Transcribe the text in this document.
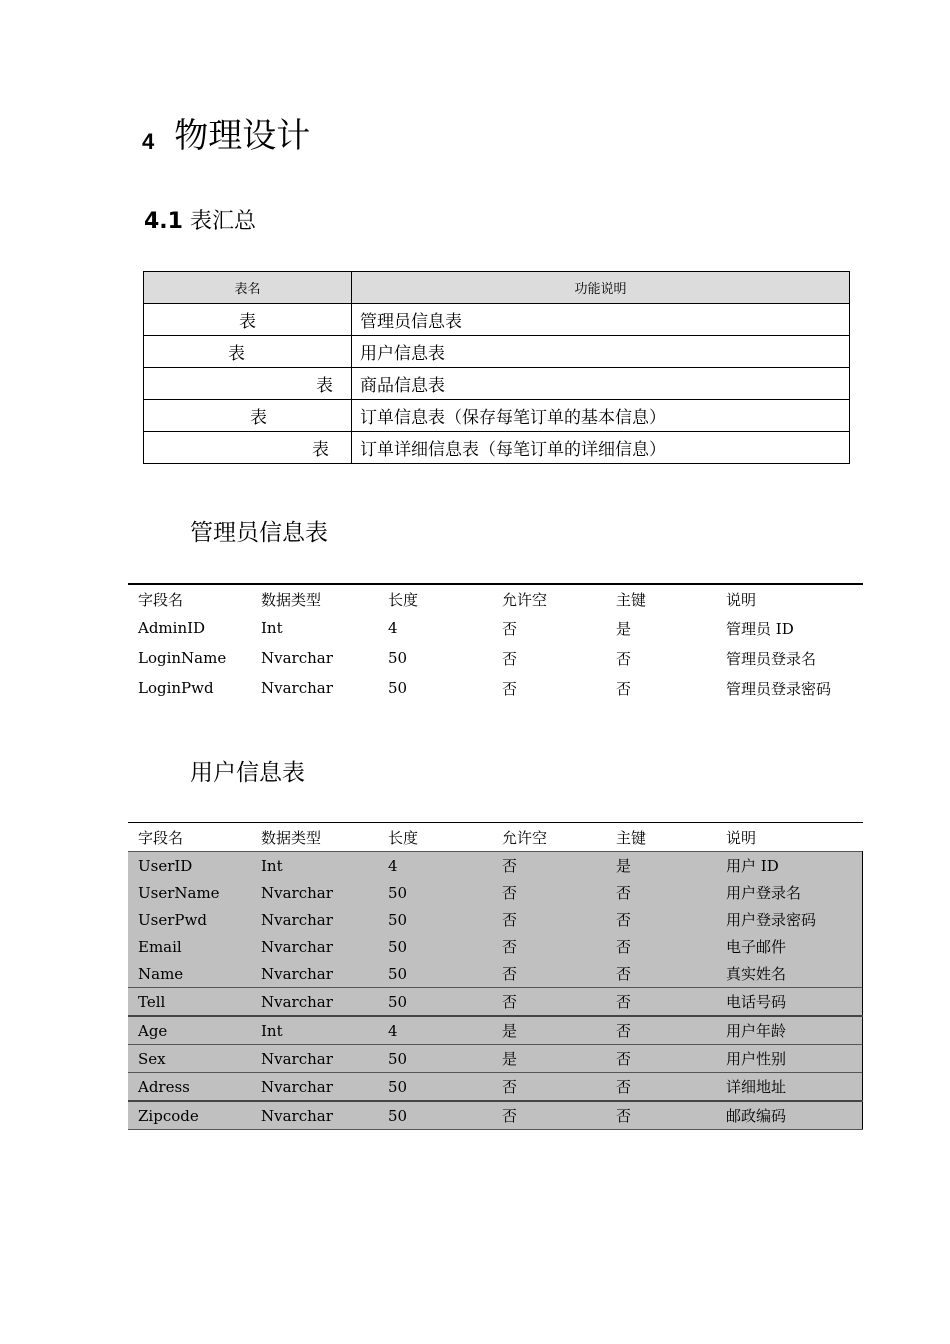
4 物理设计
4.1 表汇总
表名	功能说明
表	管理员信息表
表	用户信息表
表	商品信息表
表	订单信息表（保存每笔订单的基本信息）
表	订单详细信息表（每笔订单的详细信息）
管理员信息表
字段名	数据类型	长度	允许空	主键	说明
AdminID	Int	4	否	是	管理员 ID
LoginName	Nvarchar	50	否	否	管理员登录名
LoginPwd	Nvarchar	50	否	否	管理员登录密码
用户信息表
字段名	数据类型	长度	允许空	主键	说明
UserID	Int	4	否	是	用户 ID
UserName	Nvarchar	50	否	否	用户登录名
UserPwd	Nvarchar	50	否	否	用户登录密码
Email	Nvarchar	50	否	否	电子邮件
Name	Nvarchar	50	否	否	真实姓名
Tell	Nvarchar	50	否	否	电话号码
Age	Int	4	是	否	用户年龄
Sex	Nvarchar	50	是	否	用户性别
Adress	Nvarchar	50	否	否	详细地址
Zipcode	Nvarchar	50	否	否	邮政编码
